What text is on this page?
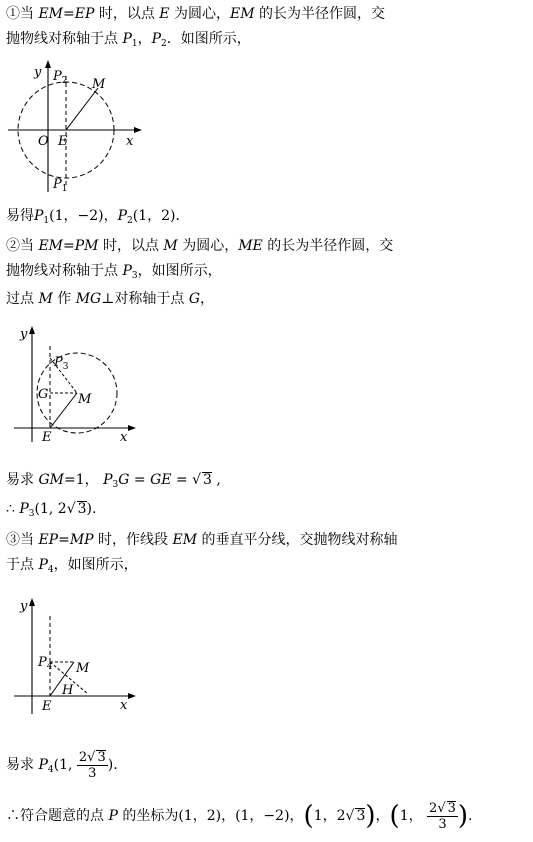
①当 EM=EP 时，以点 E 为圆心，EM 的长为半径作圆，交
抛物线对称轴于点 $P_1$，$P_2$．如图所示，
y
x
O E
M
$P_2$
$P_1$
易得$P_1(1$，−2)，$P_2(1$，2)．
②当 EM=PM 时，以点 M 为圆心，ME 的长为半径作圆，交
抛物线对称轴于点 $P_3$，如图所示，
过点 M 作 MG⊥对称轴于点 G，
y
x
E
M
G
$P_3$
易求 GM=1， $P_3G$ = GE = √ 3 ,
∴ $P_3(1$, 2√ 3).
③当 EP=MP 时，作线段 EM 的垂直平分线，交抛物线对称轴
于点 $P_4$，如图所示，
y
x
E
M
H
$P_4$
易求 $P_4(1$, $\frac{2√ 3}{3}$ ).
∴符合题意的点 P 的坐标为(1，2)，(1，−2)，(1，2√ 3)，(1， $\frac{2√ 3}{3}$ ).
